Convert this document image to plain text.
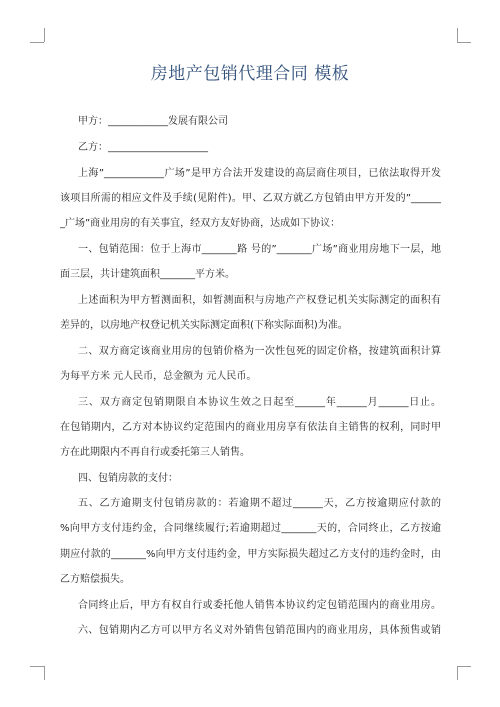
房地产包销代理合同 模板
甲方：____________发展有限公司
乙方：____________________
上海”____________广场”是甲方合法开发建设的高层商住项目，已依法取得开发
该项目所需的相应文件及手续(见附件)。甲、乙双方就乙方包销由甲方开发的”______
_广场”商业用房的有关事宜，经双方友好协商，达成如下协议：
一、包销范围：位于上海市_______路 号的”_______广场”商业用房地下一层，地
面三层，共计建筑面积_______平方米。
上述面积为甲方暂测面积，如暂测面积与房地产产权登记机关实际测定的面积有
差异的，以房地产权登记机关实际测定面积(下称实际面积)为准。
二、双方商定该商业用房的包销价格为一次性包死的固定价格，按建筑面积计算
为每平方米 元人民币，总金额为 元人民币。
三、双方商定包销期限自本协议生效之日起至______年______月______日止。
在包销期内，乙方对本协议约定范围内的商业用房享有依法自主销售的权利，同时甲
方在此期限内不再自行或委托第三人销售。
四、包销房款的支付：
五、乙方逾期支付包销房款的：若逾期不超过______天，乙方按逾期应付款的
%向甲方支付违约金，合同继续履行;若逾期超过_______天的，合同终止，乙方按逾
期应付款的_______%向甲方支付违约金，甲方实际损失超过乙方支付的违约金时，由
乙方赔偿损失。
合同终止后，甲方有权自行或委托他人销售本协议约定包销范围内的商业用房。
六、包销期内乙方可以甲方名义对外销售包销范围内的商业用房，具体预售或销
